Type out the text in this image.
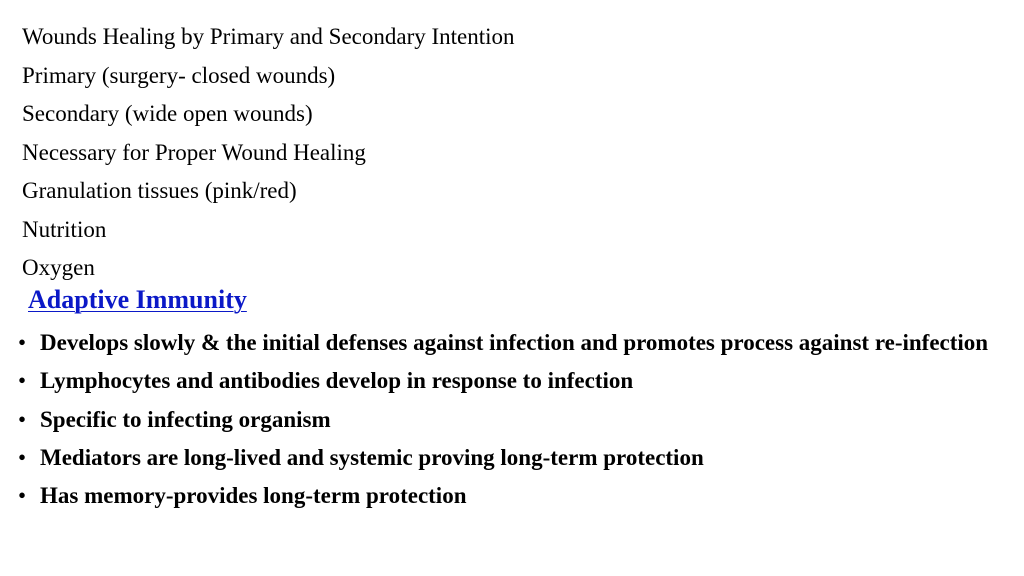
Wounds Healing by Primary and Secondary Intention
Primary (surgery- closed wounds)
Secondary (wide open wounds)
Necessary for Proper Wound Healing
Granulation tissues (pink/red)
Nutrition
Oxygen
Adaptive Immunity
• Develops slowly & the initial defenses against infection and promotes process against re-infection
• Lymphocytes and antibodies develop in response to infection
• Specific to infecting organism
• Mediators are long-lived and systemic proving long-term protection
• Has memory-provides long-term protection
